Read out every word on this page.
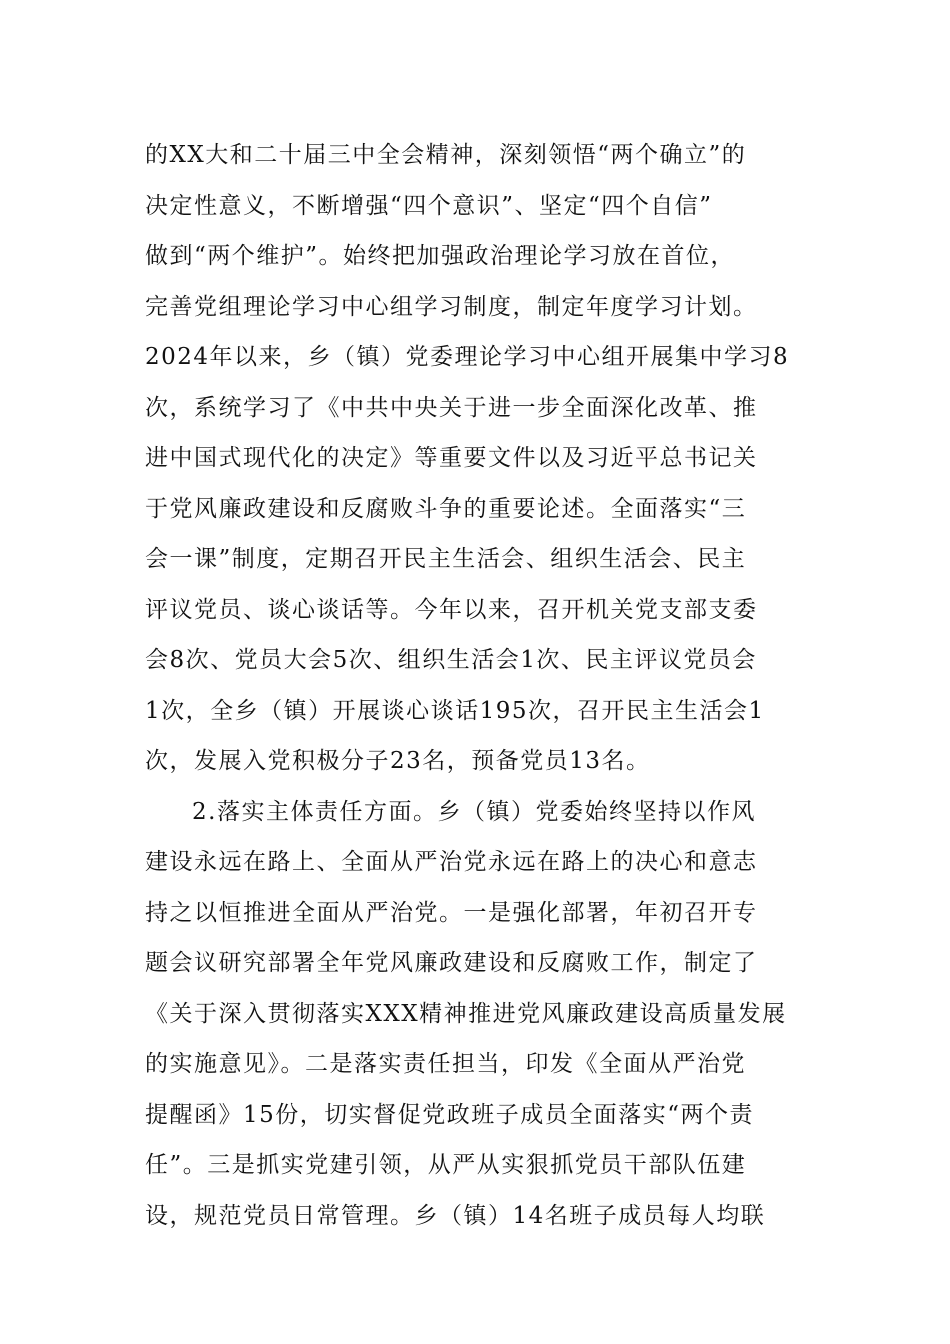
的XX大和二十届三中全会精神，深刻领悟“两个确立”的
决定性意义，不断增强“四个意识”、坚定“四个自信”
做到“两个维护”。始终把加强政治理论学习放在首位，
完善党组理论学习中心组学习制度，制定年度学习计划。
2024年以来，乡（镇）党委理论学习中心组开展集中学习8
次，系统学习了《中共中央关于进一步全面深化改革、推
进中国式现代化的决定》等重要文件以及习近平总书记关
于党风廉政建设和反腐败斗争的重要论述。全面落实“三
会一课”制度，定期召开民主生活会、组织生活会、民主
评议党员、谈心谈话等。今年以来，召开机关党支部支委
会8次、党员大会5次、组织生活会1次、民主评议党员会
1次，全乡（镇）开展谈心谈话195次，召开民主生活会1
次，发展入党积极分子23名，预备党员13名。
2.落实主体责任方面。乡（镇）党委始终坚持以作风
建设永远在路上、全面从严治党永远在路上的决心和意志
持之以恒推进全面从严治党。一是强化部署，年初召开专
题会议研究部署全年党风廉政建设和反腐败工作，制定了
《关于深入贯彻落实XXX精神推进党风廉政建设高质量发展
的实施意见》。二是落实责任担当，印发《全面从严治党
提醒函》15份，切实督促党政班子成员全面落实“两个责
任”。三是抓实党建引领，从严从实狠抓党员干部队伍建
设，规范党员日常管理。乡（镇）14名班子成员每人均联
